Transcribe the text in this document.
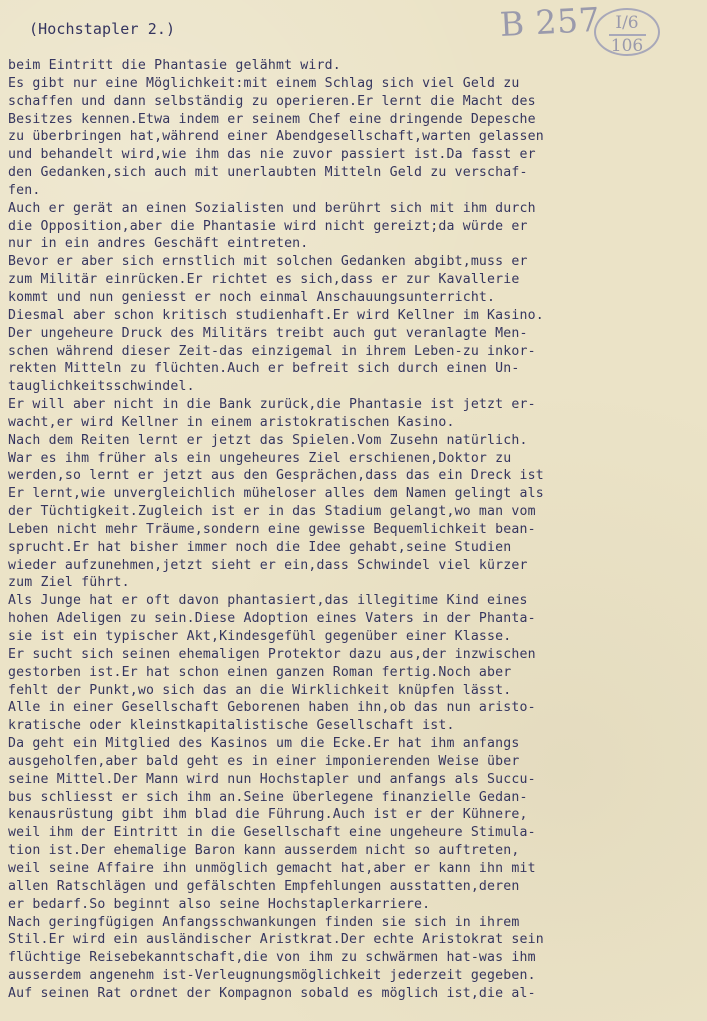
(Hochstapler 2.)	B 257 I/6
106
beim Eintritt die Phantasie gelähmt wird.
Es gibt nur eine Möglichkeit:mit einem Schlag sich viel Geld zu
schaffen und dann selbständig zu operieren.Er lernt die Macht des
Besitzes kennen.Etwa indem er seinem Chef eine dringende Depesche
zu überbringen hat,während einer Abendgesellschaft,warten gelassen
und behandelt wird,wie ihm das nie zuvor passiert ist.Da fasst er
den Gedanken,sich auch mit unerlaubten Mitteln Geld zu verschaf-
fen.
Auch er gerät an einen Sozialisten und berührt sich mit ihm durch
die Opposition,aber die Phantasie wird nicht gereizt;da würde er
nur in ein andres Geschäft eintreten.
Bevor er aber sich ernstlich mit solchen Gedanken abgibt,muss er
zum Militär einrücken.Er richtet es sich,dass er zur Kavallerie
kommt und nun geniesst er noch einmal Anschauungsunterricht.
Diesmal aber schon kritisch studienhaft.Er wird Kellner im Kasino.
Der ungeheure Druck des Militärs treibt auch gut veranlagte Men-
schen während dieser Zeit-das einzigemal in ihrem Leben-zu inkor-
rekten Mitteln zu flüchten.Auch er befreit sich durch einen Un-
tauglichkeitsschwindel.
Er will aber nicht in die Bank zurück,die Phantasie ist jetzt er-
wacht,er wird Kellner in einem aristokratischen Kasino.
Nach dem Reiten lernt er jetzt das Spielen.Vom Zusehn natürlich.
War es ihm früher als ein ungeheures Ziel erschienen,Doktor zu
werden,so lernt er jetzt aus den Gesprächen,dass das ein Dreck ist
Er lernt,wie unvergleichlich müheloser alles dem Namen gelingt als
der Tüchtigkeit.Zugleich ist er in das Stadium gelangt,wo man vom
Leben nicht mehr Träume,sondern eine gewisse Bequemlichkeit bean-
sprucht.Er hat bisher immer noch die Idee gehabt,seine Studien
wieder aufzunehmen,jetzt sieht er ein,dass Schwindel viel kürzer
zum Ziel führt.
Als Junge hat er oft davon phantasiert,das illegitime Kind eines
hohen Adeligen zu sein.Diese Adoption eines Vaters in der Phanta-
sie ist ein typischer Akt,Kindesgefühl gegenüber einer Klasse.
Er sucht sich seinen ehemaligen Protektor dazu aus,der inzwischen
gestorben ist.Er hat schon einen ganzen Roman fertig.Noch aber
fehlt der Punkt,wo sich das an die Wirklichkeit knüpfen lässt.
Alle in einer Gesellschaft Geborenen haben ihn,ob das nun aristo-
kratische oder kleinstkapitalistische Gesellschaft ist.
Da geht ein Mitglied des Kasinos um die Ecke.Er hat ihm anfangs
ausgeholfen,aber bald geht es in einer imponierenden Weise über
seine Mittel.Der Mann wird nun Hochstapler und anfangs als Succu-
bus schliesst er sich ihm an.Seine überlegene finanzielle Gedan-
kenausrüstung gibt ihm blad die Führung.Auch ist er der Kühnere,
weil ihm der Eintritt in die Gesellschaft eine ungeheure Stimula-
tion ist.Der ehemalige Baron kann ausserdem nicht so auftreten,
weil seine Affaire ihn unmöglich gemacht hat,aber er kann ihn mit
allen Ratschlägen und gefälschten Empfehlungen ausstatten,deren
er bedarf.So beginnt also seine Hochstaplerkarriere.
Nach geringfügigen Anfangsschwankungen finden sie sich in ihrem
Stil.Er wird ein ausländischer Aristkrat.Der echte Aristokrat sein
flüchtige Reisebekanntschaft,die von ihm zu schwärmen hat-was ihm
ausserdem angenehm ist-Verleugnungsmöglichkeit jederzeit gegeben.
Auf seinen Rat ordnet der Kompagnon sobald es möglich ist,die al-
